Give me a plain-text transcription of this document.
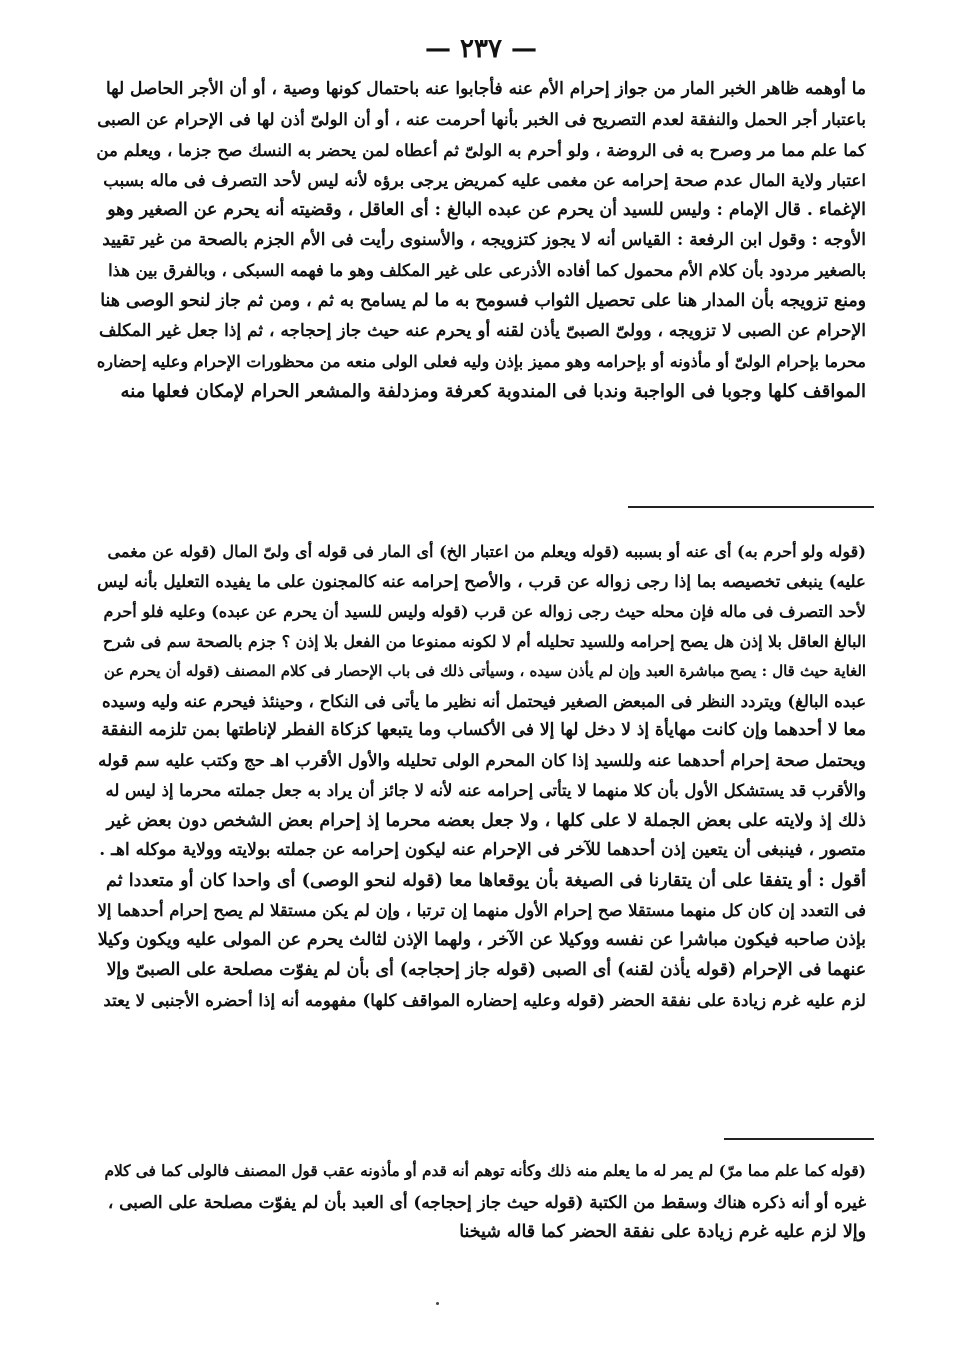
— ٢٣٧ —
ما أوهمه ظاهر الخبر المار من جواز إحرام الأم عنه فأجابوا عنه باحتمال كونها وصية ، أو أن الأجر الحاصل لها
باعتبار أجر الحمل والنفقة لعدم التصريح فى الخبر بأنها أحرمت عنه ، أو أن الولىّ أذن لها فى الإحرام عن الصبى
كما علم مما مر وصرح به فى الروضة ، ولو أحرم به الولىّ ثم أعطاه لمن يحضر به النسك صح جزما ، ويعلم من
اعتبار ولاية المال عدم صحة إحرامه عن مغمى عليه كمريض يرجى برؤه لأنه ليس لأحد التصرف فى ماله بسبب
الإغماء . قال الإمام : وليس للسيد أن يحرم عن عبده البالغ : أى العاقل ، وقضيته أنه يحرم عن الصغير وهو
الأوجه : وقول ابن الرفعة : القياس أنه لا يجوز كتزويجه ، والأسنوى رأيت فى الأم الجزم بالصحة من غير تقييد
بالصغير مردود بأن كلام الأم محمول كما أفاده الأذرعى على غير المكلف وهو ما فهمه السبكى ، وبالفرق بين هذا
ومنع تزويجه بأن المدار هنا على تحصيل الثواب فسومح به ما لم يسامح به ثم ، ومن ثم جاز لنحو الوصى هنا
الإحرام عن الصبى لا تزويجه ، وولىّ الصبىّ يأذن لقنه أو يحرم عنه حيث جاز إحجاجه ، ثم إذا جعل غير المكلف
محرما بإحرام الولىّ أو مأذونه أو بإحرامه وهو مميز بإذن وليه فعلى الولى منعه من محظورات الإحرام وعليه إحضاره
المواقف كلها وجوبا فى الواجبة وندبا فى المندوبة كعرفة ومزدلفة والمشعر الحرام لإمكان فعلها منه
(قوله ولو أحرم به) أى عنه أو بسببه (قوله ويعلم من اعتبار الخ) أى المار فى قوله أى ولىّ المال (قوله عن مغمى
عليه) ينبغى تخصيصه بما إذا رجى زواله عن قرب ، والأصح إحرامه عنه كالمجنون على ما يفيده التعليل بأنه ليس
لأحد التصرف فى ماله فإن محله حيث رجى زواله عن قرب (قوله وليس للسيد أن يحرم عن عبده) وعليه فلو أحرم
البالغ العاقل بلا إذن هل يصح إحرامه وللسيد تحليله أم لا لكونه ممنوعا من الفعل بلا إذن ؟ جزم بالصحة سم فى شرح
الغاية حيث قال : يصح مباشرة العبد وإن لم يأذن سيده ، وسيأتى ذلك فى باب الإحصار فى كلام المصنف (قوله أن يحرم عن
عبده البالغ) ويتردد النظر فى المبعض الصغير فيحتمل أنه نظير ما يأتى فى النكاح ، وحينئذ فيحرم عنه وليه وسيده
معا لا أحدهما وإن كانت مهايأة إذ لا دخل لها إلا فى الأكساب وما يتبعها كزكاة الفطر لإناطتها بمن تلزمه النفقة
ويحتمل صحة إحرام أحدهما عنه وللسيد إذا كان المحرم الولى تحليله والأول الأقرب اهـ حج وكتب عليه سم قوله
والأقرب قد يستشكل الأول بأن كلا منهما لا يتأتى إحرامه عنه لأنه لا جائز أن يراد به جعل جملته محرما إذ ليس له
ذلك إذ ولايته على بعض الجملة لا على كلها ، ولا جعل بعضه محرما إذ إحرام بعض الشخص دون بعض غير
متصور ، فينبغى أن يتعين إذن أحدهما للآخر فى الإحرام عنه ليكون إحرامه عن جملته بولايته وولاية موكله اهـ .
أقول : أو يتفقا على أن يتقارنا فى الصيغة بأن يوقعاها معا (قوله لنحو الوصى) أى واحدا كان أو متعددا ثم
فى التعدد إن كان كل منهما مستقلا صح إحرام الأول منهما إن ترتبا ، وإن لم يكن مستقلا لم يصح إحرام أحدهما إلا
بإذن صاحبه فيكون مباشرا عن نفسه ووكيلا عن الآخر ، ولهما الإذن لثالث يحرم عن المولى عليه ويكون وكيلا
عنهما فى الإحرام (قوله يأذن لقنه) أى الصبى (قوله جاز إحجاجه) أى بأن لم يفوّت مصلحة على الصبىّ وإلا
لزم عليه غرم زيادة على نفقة الحضر (قوله وعليه إحضاره المواقف كلها) مفهومه أنه إذا أحضره الأجنبى لا يعتد
(قوله كما علم مما مرّ) لم يمر له ما يعلم منه ذلك وكأنه توهم أنه قدم أو مأذونه عقب قول المصنف فالولى كما فى كلام
غيره أو أنه ذكره هناك وسقط من الكتبة (قوله حيث جاز إحجاجه) أى العبد بأن لم يفوّت مصلحة على الصبى ،
وإلا لزم عليه غرم زيادة على نفقة الحضر كما قاله شيخنا
